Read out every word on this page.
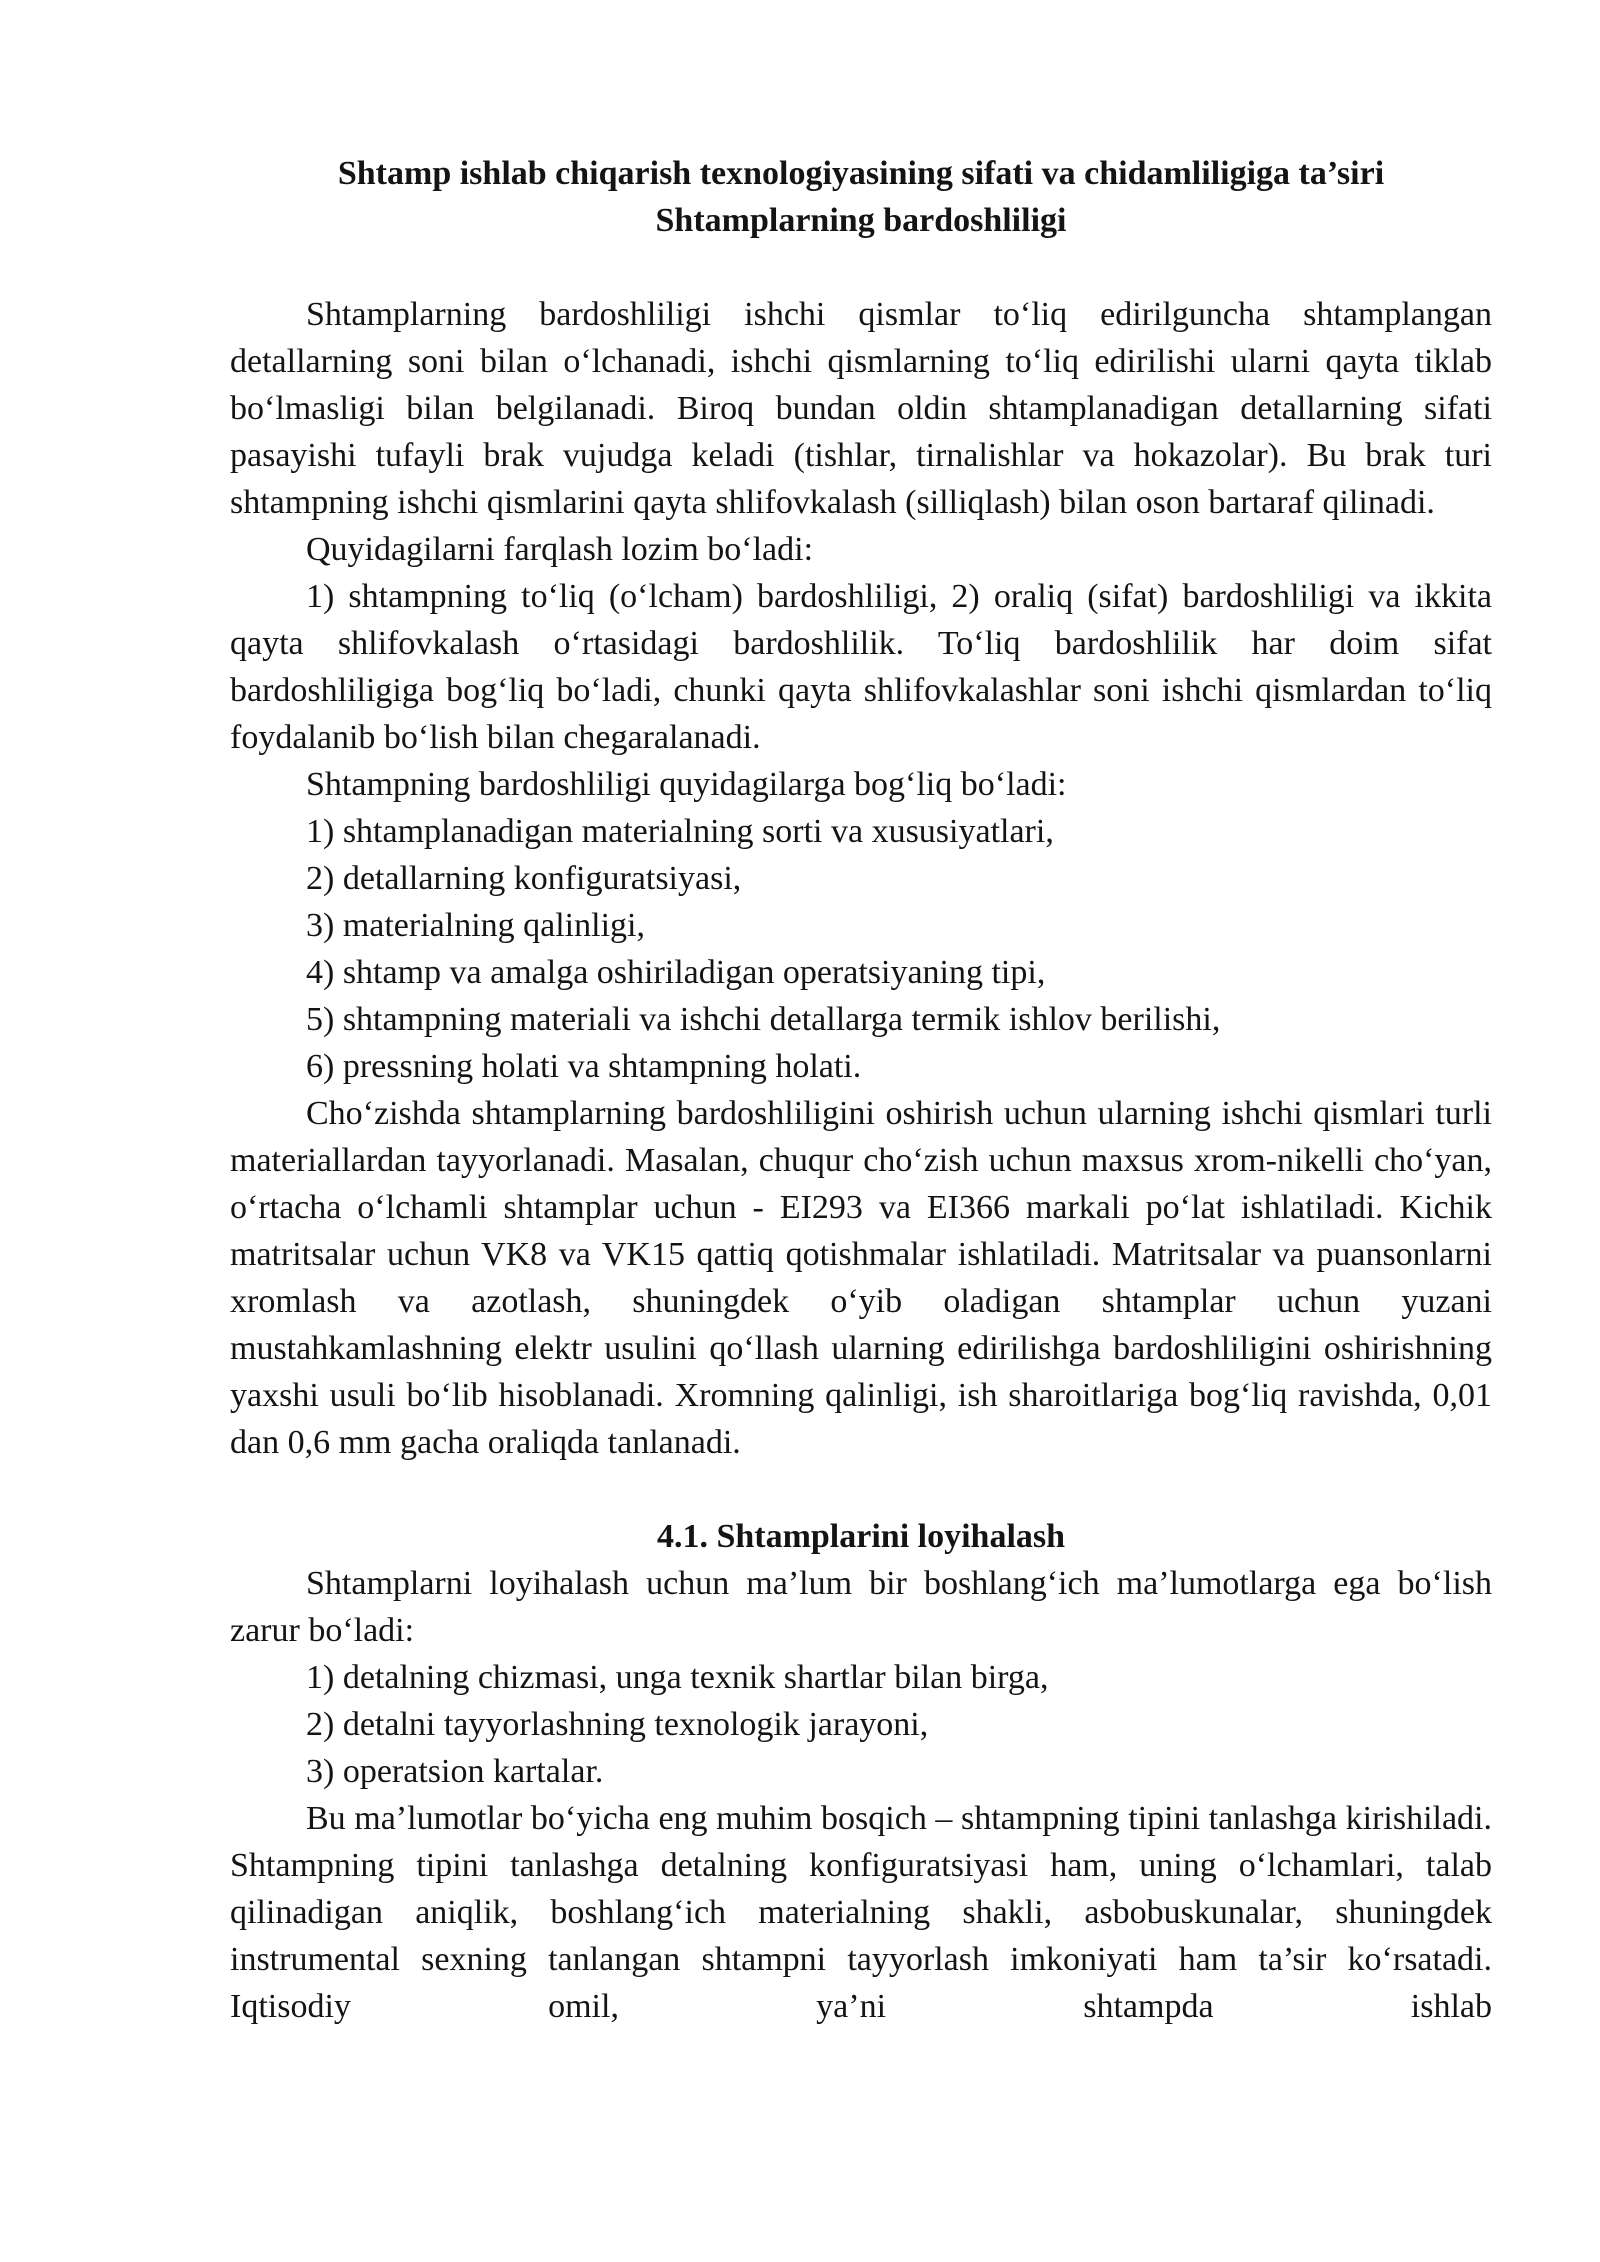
Shtamp ishlab chiqarish texnologiyasining sifati va chidamliligiga ta’siri
Shtamplarning bardoshliligi

Shtamplarning bardoshliligi ishchi qismlar to‘liq edirilguncha shtamplangan detallarning soni bilan o‘lchanadi, ishchi qismlarning to‘liq edirilishi ularni qayta tiklab bo‘lmasligi bilan belgilanadi. Biroq bundan oldin shtamplanadigan detallarning sifati pasayishi tufayli brak vujudga keladi (tishlar, tirnalishlar va hokazolar). Bu brak turi shtampning ishchi qismlarini qayta shlifovkalash (silliqlash) bilan oson bartaraf qilinadi.

Quyidagilarni farqlash lozim bo‘ladi:

1) shtampning to‘liq (o‘lcham) bardoshliligi, 2) oraliq (sifat) bardoshliligi va ikkita qayta shlifovkalash o‘rtasidagi bardoshlilik. To‘liq bardoshlilik har doim sifat bardoshliligiga bog‘liq bo‘ladi, chunki qayta shlifovkalashlar soni ishchi qismlardan to‘liq foydalanib bo‘lish bilan chegaralanadi.

Shtampning bardoshliligi quyidagilarga bog‘liq bo‘ladi:

1) shtamplanadigan materialning sorti va xususiyatlari,

2) detallarning konfiguratsiyasi,

3) materialning qalinligi,

4) shtamp va amalga oshiriladigan operatsiyaning tipi,

5) shtampning materiali va ishchi detallarga termik ishlov berilishi,

6) pressning holati va shtampning holati.

Cho‘zishda shtamplarning bardoshliligini oshirish uchun ularning ishchi qismlari turli materiallardan tayyorlanadi. Masalan, chuqur cho‘zish uchun maxsus xrom-nikelli cho‘yan, o‘rtacha o‘lchamli shtamplar uchun - EI293 va EI366 markali po‘lat ishlatiladi. Kichik matritsalar uchun VK8 va VK15 qattiq qotishmalar ishlatiladi. Matritsalar va puansonlarni xromlash va azotlash, shuningdek o‘yib oladigan shtamplar uchun yuzani mustahkamlashning elektr usulini qo‘llash ularning edirilishga bardoshliligini oshirishning yaxshi usuli bo‘lib hisoblanadi. Xromning qalinligi, ish sharoitlariga bog‘liq ravishda, 0,01 dan 0,6 mm gacha oraliqda tanlanadi.

4.1. Shtamplarini loyihalash

Shtamplarni loyihalash uchun ma’lum bir boshlang‘ich ma’lumotlarga ega bo‘lish zarur bo‘ladi:

1) detalning chizmasi, unga texnik shartlar bilan birga,

2) detalni tayyorlashning texnologik jarayoni,

3) operatsion kartalar.

Bu ma’lumotlar bo‘yicha eng muhim bosqich – shtampning tipini tanlashga kirishiladi. Shtampning tipini tanlashga detalning konfiguratsiyasi ham, uning o‘lchamlari, talab qilinadigan aniqlik, boshlang‘ich materialning shakli, asbobuskunalar, shuningdek instrumental sexning tanlangan shtampni tayyorlash imkoniyati ham ta’sir ko‘rsatadi. Iqtisodiy omil, ya’ni shtampda ishlab
